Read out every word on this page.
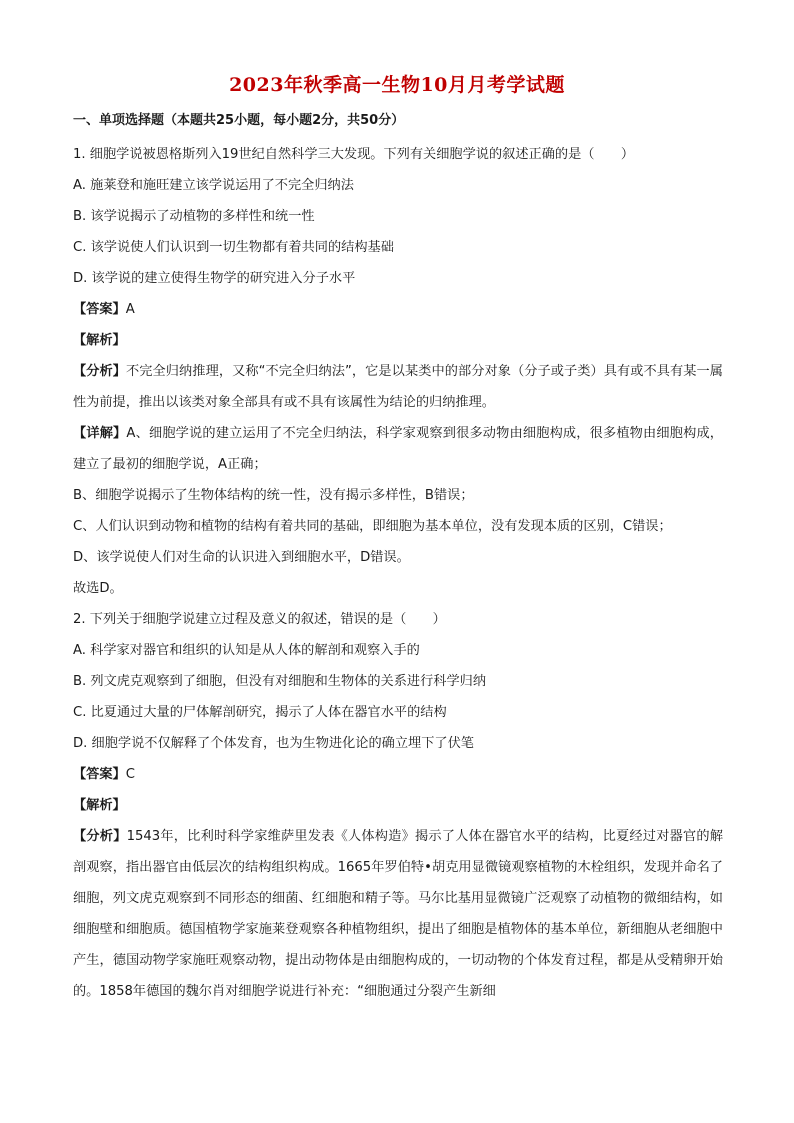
2023年秋季高一生物10月月考学试题
一、单项选择题（本题共25小题，每小题2分，共50分）
1. 细胞学说被恩格斯列入19世纪自然科学三大发现。下列有关细胞学说的叙述正确的是（　　）
A. 施莱登和施旺建立该学说运用了不完全归纳法
B. 该学说揭示了动植物的多样性和统一性
C. 该学说使人们认识到一切生物都有着共同的结构基础
D. 该学说的建立使得生物学的研究进入分子水平
【答案】A
【解析】
【分析】不完全归纳推理，又称“不完全归纳法”，它是以某类中的部分对象（分子或子类）具有或不具有某一属性为前提，推出以该类对象全部具有或不具有该属性为结论的归纳推理。
【详解】A、细胞学说的建立运用了不完全归纳法，科学家观察到很多动物由细胞构成，很多植物由细胞构成，建立了最初的细胞学说，A正确；
B、细胞学说揭示了生物体结构的统一性，没有揭示多样性，B错误；
C、人们认识到动物和植物的结构有着共同的基础，即细胞为基本单位，没有发现本质的区别，C错误；
D、该学说使人们对生命的认识进入到细胞水平，D错误。
故选D。
2. 下列关于细胞学说建立过程及意义的叙述，错误的是（　　）
A. 科学家对器官和组织的认知是从人体的解剖和观察入手的
B. 列文虎克观察到了细胞，但没有对细胞和生物体的关系进行科学归纳
C. 比夏通过大量的尸体解剖研究，揭示了人体在器官水平的结构
D. 细胞学说不仅解释了个体发育，也为生物进化论的确立埋下了伏笔
【答案】C
【解析】
【分析】1543年，比利时科学家维萨里发表《人体构造》揭示了人体在器官水平的结构，比夏经过对器官的解剖观察，指出器官由低层次的结构组织构成。1665年罗伯特•胡克用显微镜观察植物的木栓组织，发现并命名了细胞，列文虎克观察到不同形态的细菌、红细胞和精子等。马尔比基用显微镜广泛观察了动植物的微细结构，如细胞壁和细胞质。德国植物学家施莱登观察各种植物组织，提出了细胞是植物体的基本单位，新细胞从老细胞中产生，德国动物学家施旺观察动物，提出动物体是由细胞构成的，一切动物的个体发育过程，都是从受精卵开始的。1858年德国的魏尔肖对细胞学说进行补充：“细胞通过分裂产生新细
